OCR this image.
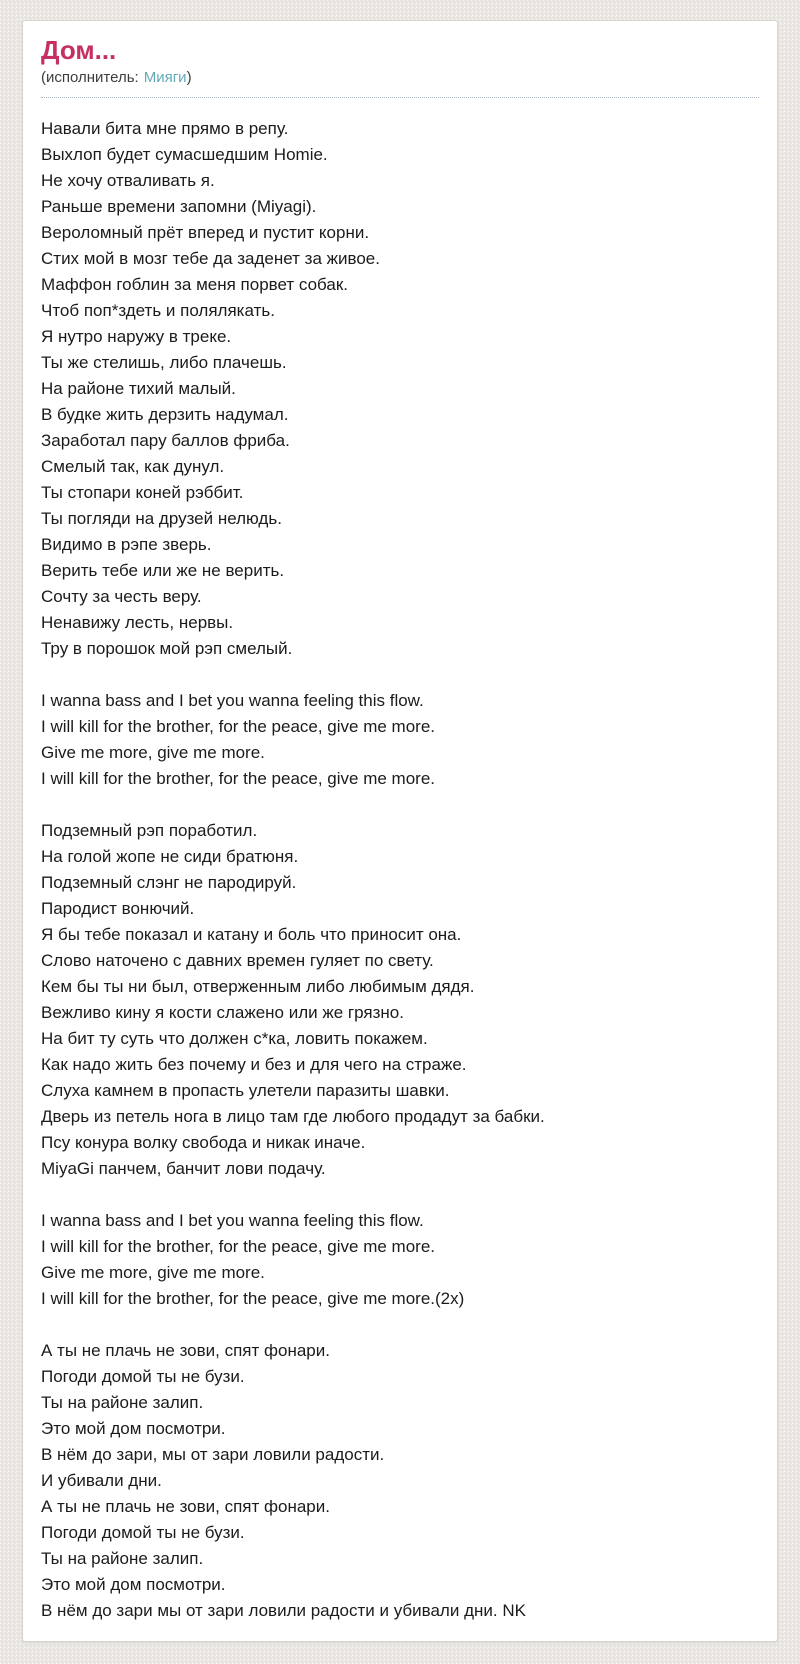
Дом...
(исполнитель: Мияги)
Навали бита мне прямо в репу.
Выхлоп будет сумасшедшим Homie.
Не хочу отваливать я.
Раньше времени запомни (Miyagi).
Вероломный прёт вперед и пустит корни.
Стих мой в мозг тебе да заденет за живое.
Маффон гоблин за меня порвет собак.
Чтоб поп*здеть и полялякать.
Я нутро наружу в треке.
Ты же стелишь, либо плачешь.
На районе тихий малый.
В будке жить дерзить надумал.
Заработал пару баллов фриба.
Смелый так, как дунул.
Ты стопари коней рэббит.
Ты погляди на друзей нелюдь.
Видимо в рэпе зверь.
Верить тебе или же не верить.
Сочту за честь веру.
Ненавижу лесть, нервы.
Тру в порошок мой рэп смелый.

I wanna bass and I bet you wanna feeling this flow.
I will kill for the brother, for the peace, give me more.
Give me more, give me more.
I will kill for the brother, for the peace, give me more.

Подземный рэп поработил.
На голой жопе не сиди братюня.
Подземный слэнг не пародируй.
Пародист вонючий.
Я бы тебе показал и катану и боль что приносит она.
Слово наточено с давних времен гуляет по свету.
Кем бы ты ни был, отверженным либо любимым дядя.
Вежливо кину я кости слажено или же грязно.
На бит ту суть что должен с*ка, ловить покажем.
Как надо жить без почему и без и для чего на страже.
Слуха камнем в пропасть улетели паразиты шавки.
Дверь из петель нога в лицо там где любого продадут за бабки.
Псу конура волку свобода и никак иначе.
MiyaGi панчем, банчит лови подачу.

I wanna bass and I bet you wanna feeling this flow.
I will kill for the brother, for the peace, give me more.
Give me more, give me more.
I will kill for the brother, for the peace, give me more.(2x)

А ты не плачь не зови, спят фонари.
Погоди домой ты не бузи.
Ты на районе залип.
Это мой дом посмотри.
В нём до зари, мы от зари ловили радости.
И убивали дни.
А ты не плачь не зови, спят фонари.
Погоди домой ты не бузи.
Ты на районе залип.
Это мой дом посмотри.
В нём до зари мы от зари ловили радости и убивали дни. NK
